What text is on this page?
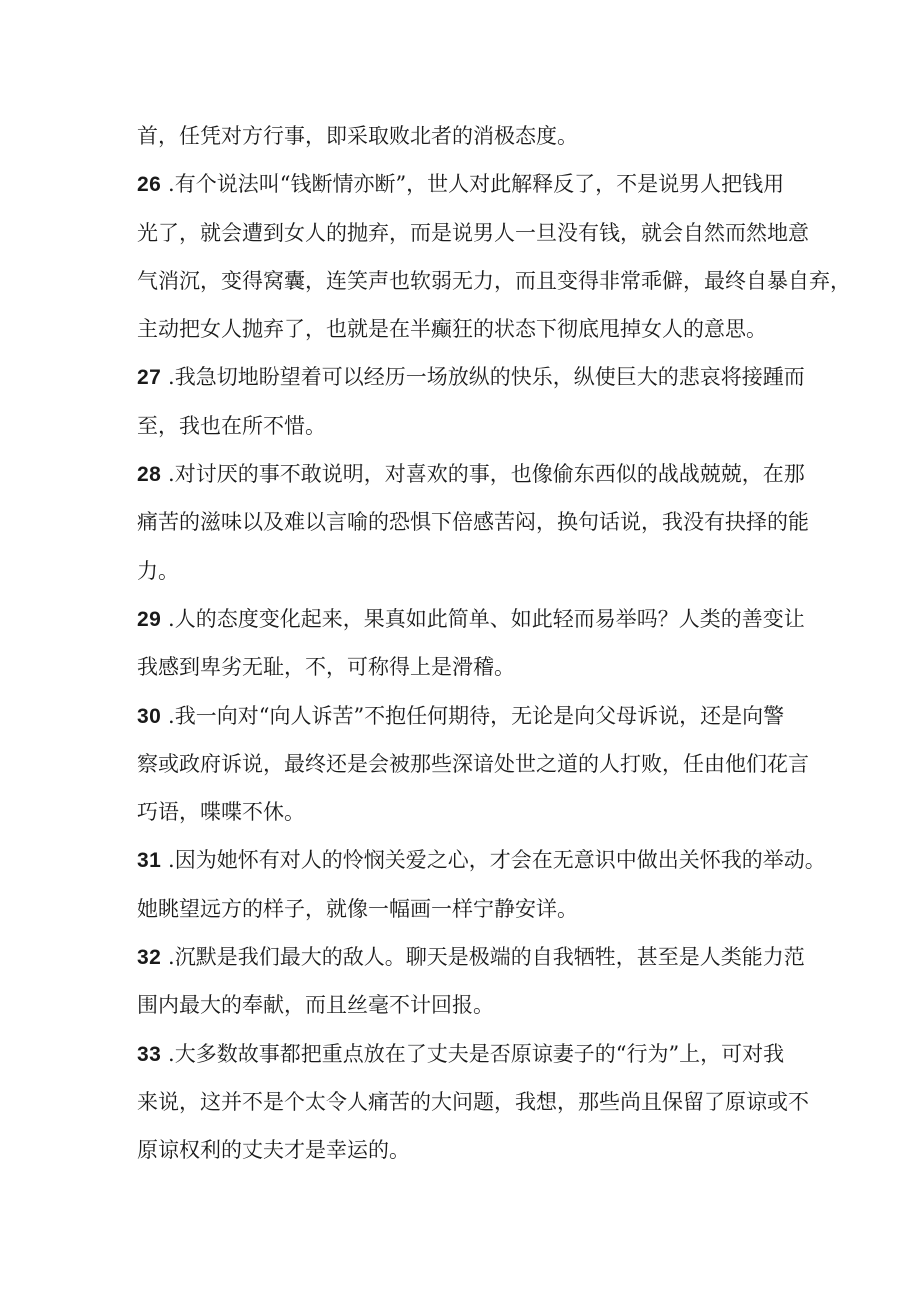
首，任凭对方行事，即采取败北者的消极态度。
26 .有个说法叫“钱断情亦断”，世人对此解释反了，不是说男人把钱用
光了，就会遭到女人的抛弃，而是说男人一旦没有钱，就会自然而然地意
气消沉，变得窝囊，连笑声也软弱无力，而且变得非常乖僻，最终自暴自弃，
主动把女人抛弃了，也就是在半癫狂的状态下彻底甩掉女人的意思。
27 .我急切地盼望着可以经历一场放纵的快乐，纵使巨大的悲哀将接踵而
至，我也在所不惜。
28 .对讨厌的事不敢说明，对喜欢的事，也像偷东西似的战战兢兢，在那
痛苦的滋味以及难以言喻的恐惧下倍感苦闷，换句话说，我没有抉择的能
力。
29 .人的态度变化起来，果真如此简单、如此轻而易举吗？人类的善变让
我感到卑劣无耻，不，可称得上是滑稽。
30 .我一向对“向人诉苦”不抱任何期待，无论是向父母诉说，还是向警
察或政府诉说，最终还是会被那些深谙处世之道的人打败，任由他们花言
巧语，喋喋不休。
31 .因为她怀有对人的怜悯关爱之心，才会在无意识中做出关怀我的举动。
她眺望远方的样子，就像一幅画一样宁静安详。
32 .沉默是我们最大的敌人。聊天是极端的自我牺牲，甚至是人类能力范
围内最大的奉献，而且丝毫不计回报。
33 .大多数故事都把重点放在了丈夫是否原谅妻子的“行为”上，可对我
来说，这并不是个太令人痛苦的大问题，我想，那些尚且保留了原谅或不
原谅权利的丈夫才是幸运的。
